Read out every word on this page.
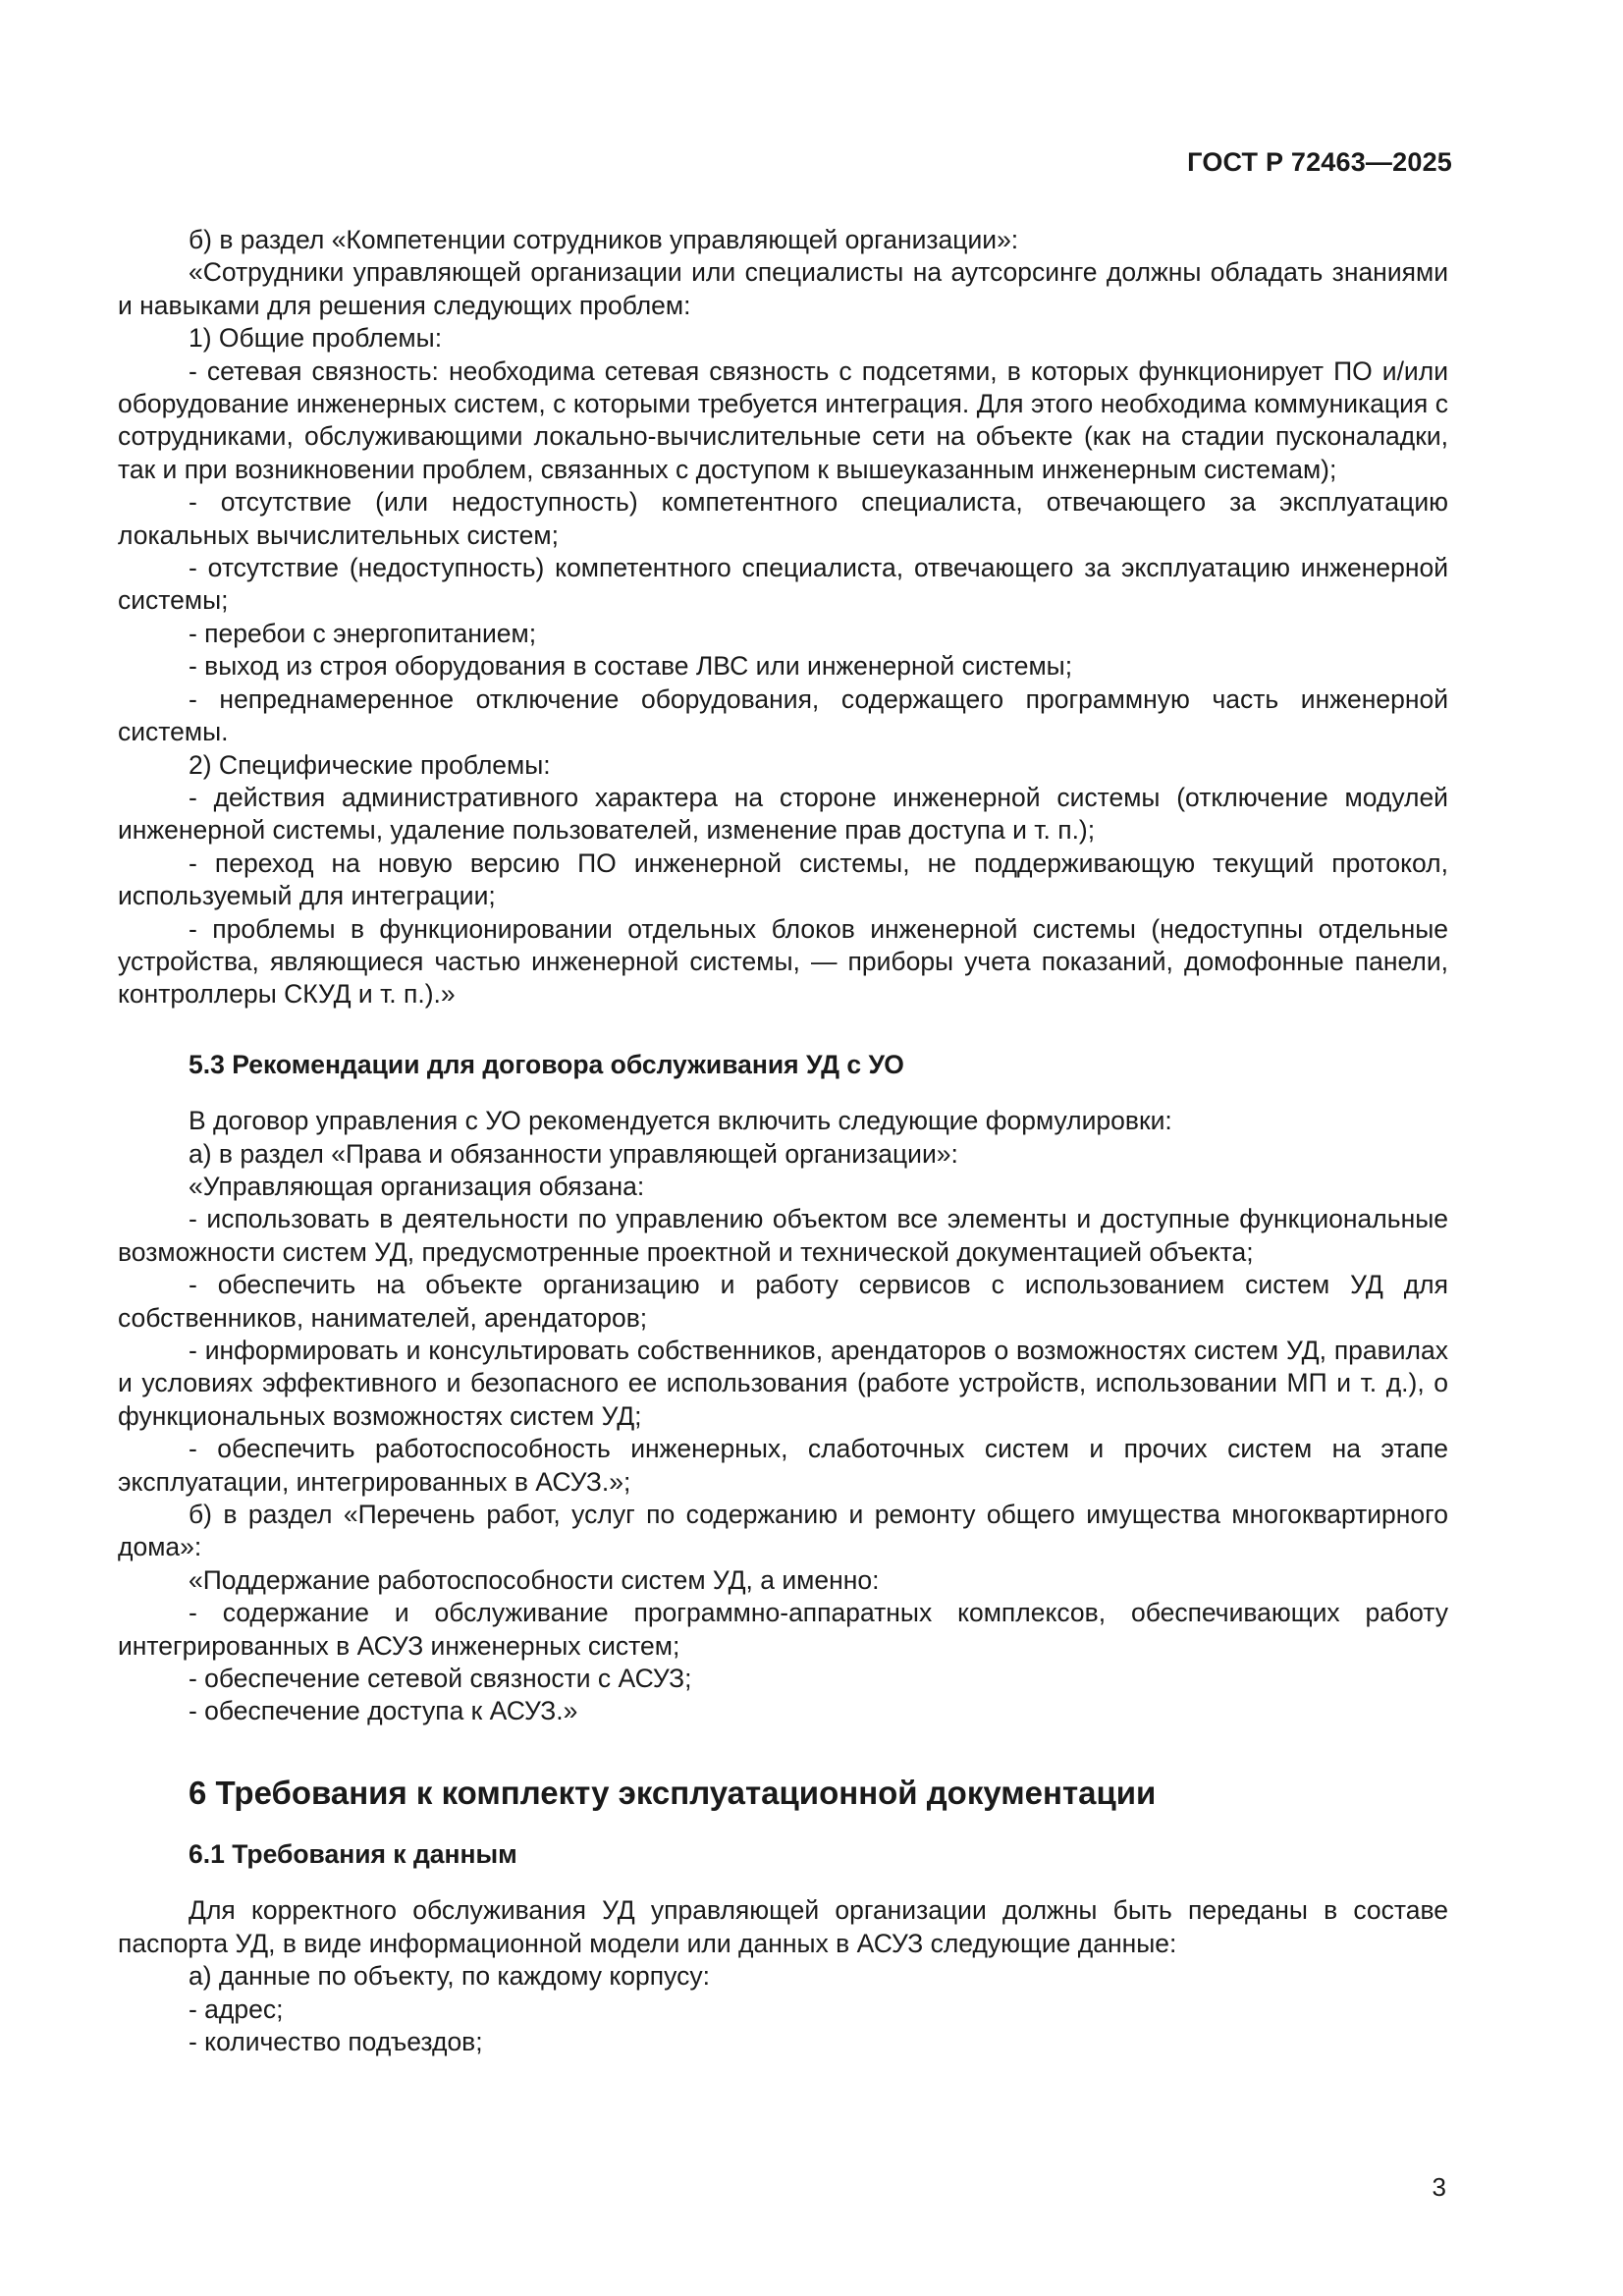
ГОСТ Р 72463—2025

б) в раздел «Компетенции сотрудников управляющей организации»:

«Сотрудники управляющей организации или специалисты на аутсорсинге должны обладать знаниями и навыками для решения следующих проблем:

1) Общие проблемы:

- сетевая связность: необходима сетевая связность с подсетями, в которых функционирует ПО и/или оборудование инженерных систем, с которыми требуется интеграция. Для этого необходима коммуникация с сотрудниками, обслуживающими локально-вычислительные сети на объекте (как на стадии пусконаладки, так и при возникновении проблем, связанных с доступом к вышеуказанным инженерным системам);

- отсутствие (или недоступность) компетентного специалиста, отвечающего за эксплуатацию локальных вычислительных систем;

- отсутствие (недоступность) компетентного специалиста, отвечающего за эксплуатацию инженерной системы;

- перебои с энергопитанием;

- выход из строя оборудования в составе ЛВС или инженерной системы;

- непреднамеренное отключение оборудования, содержащего программную часть инженерной системы.

2) Специфические проблемы:

- действия административного характера на стороне инженерной системы (отключение модулей инженерной системы, удаление пользователей, изменение прав доступа и т. п.);

- переход на новую версию ПО инженерной системы, не поддерживающую текущий протокол, используемый для интеграции;

- проблемы в функционировании отдельных блоков инженерной системы (недоступны отдельные устройства, являющиеся частью инженерной системы, — приборы учета показаний, домофонные панели, контроллеры СКУД и т. п.).»

5.3 Рекомендации для договора обслуживания УД с УО

В договор управления с УО рекомендуется включить следующие формулировки:

а) в раздел «Права и обязанности управляющей организации»:

«Управляющая организация обязана:

- использовать в деятельности по управлению объектом все элементы и доступные функциональные возможности систем УД, предусмотренные проектной и технической документацией объекта;

- обеспечить на объекте организацию и работу сервисов с использованием систем УД для собственников, нанимателей, арендаторов;

- информировать и консультировать собственников, арендаторов о возможностях систем УД, правилах и условиях эффективного и безопасного ее использования (работе устройств, использовании МП и т. д.), о функциональных возможностях систем УД;

- обеспечить работоспособность инженерных, слаботочных систем и прочих систем на этапе эксплуатации, интегрированных в АСУЗ.»;

б) в раздел «Перечень работ, услуг по содержанию и ремонту общего имущества многоквартирного дома»:

«Поддержание работоспособности систем УД, а именно:

- содержание и обслуживание программно-аппаратных комплексов, обеспечивающих работу интегрированных в АСУЗ инженерных систем;

- обеспечение сетевой связности с АСУЗ;

- обеспечение доступа к АСУЗ.»

6 Требования к комплекту эксплуатационной документации

6.1 Требования к данным

Для корректного обслуживания УД управляющей организации должны быть переданы в составе паспорта УД, в виде информационной модели или данных в АСУЗ следующие данные:

а) данные по объекту, по каждому корпусу:

- адрес;

- количество подъездов;

3
